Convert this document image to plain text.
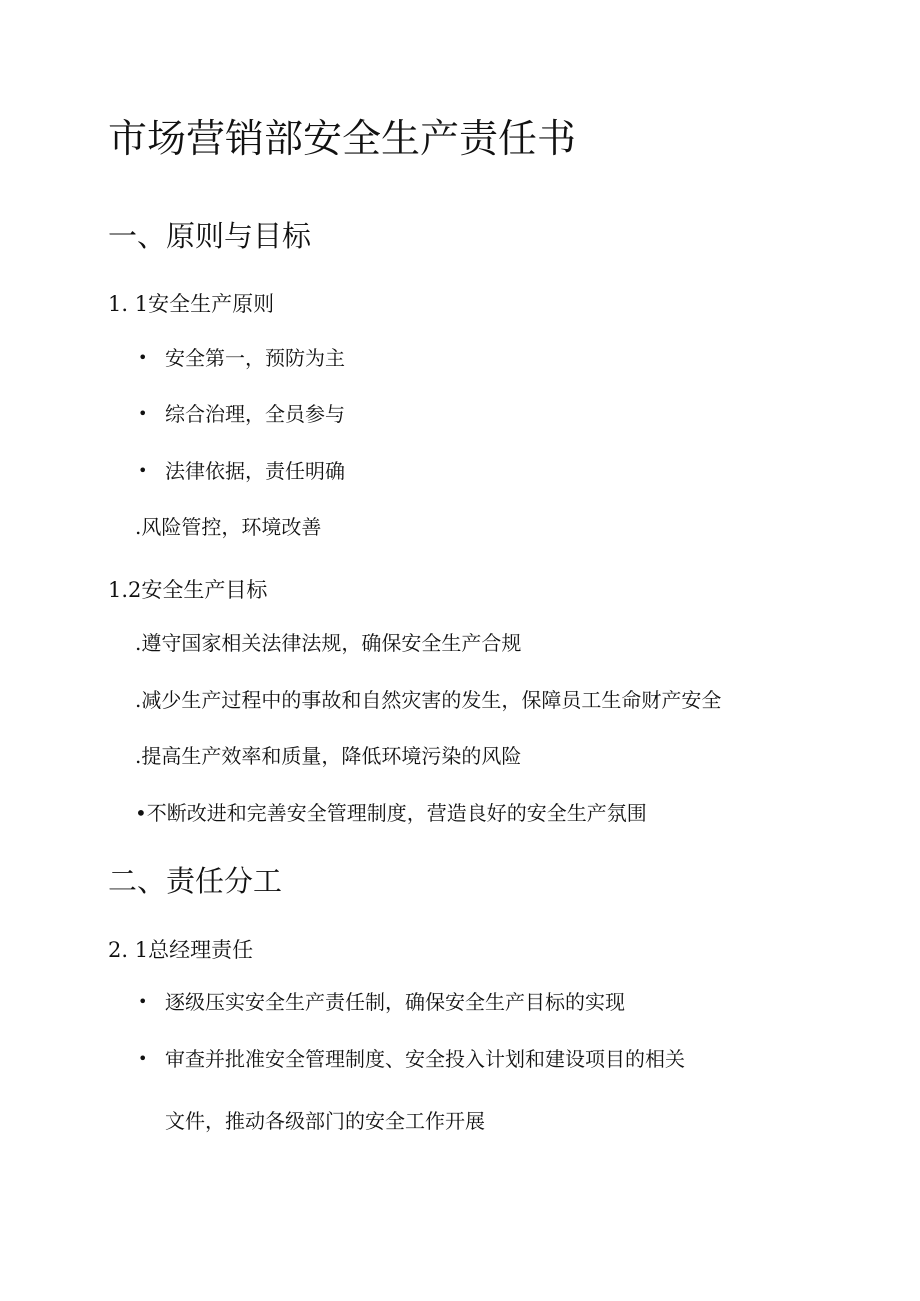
市场营销部安全生产责任书
一、原则与目标
1. 1安全生产原则
• 安全第一，预防为主
• 综合治理，全员参与
• 法律依据，责任明确
.风险管控，环境改善
1.2安全生产目标
.遵守国家相关法律法规，确保安全生产合规
.减少生产过程中的事故和自然灾害的发生，保障员工生命财产安全
.提高生产效率和质量，降低环境污染的风险
•不断改进和完善安全管理制度，营造良好的安全生产氛围
二、责任分工
2. 1总经理责任
• 逐级压实安全生产责任制，确保安全生产目标的实现
• 审查并批准安全管理制度、安全投入计划和建设项目的相关
文件，推动各级部门的安全工作开展
